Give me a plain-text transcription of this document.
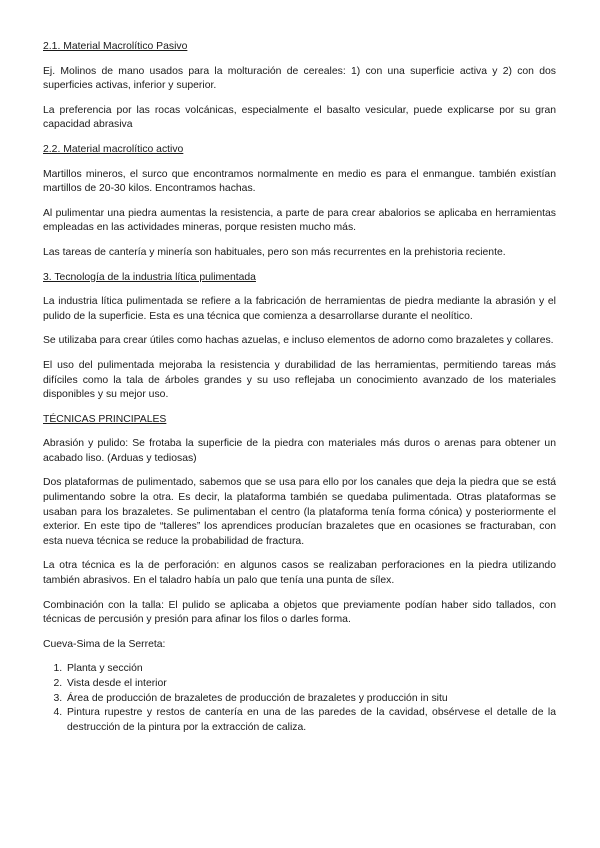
2.1. Material Macrolítico Pasivo

Ej. Molinos de mano usados para la molturación de cereales: 1) con una superficie activa y 2) con dos superficies activas, inferior y superior.

La preferencia por las rocas volcánicas, especialmente el basalto vesicular, puede explicarse por su gran capacidad abrasiva

2.2. Material macrolítico activo

Martillos mineros, el surco que encontramos normalmente en medio es para el enmangue. también existían martillos de 20-30 kilos. Encontramos hachas.

Al pulimentar una piedra aumentas la resistencia, a parte de para crear abalorios se aplicaba en herramientas empleadas en las actividades mineras, porque resisten mucho más.

Las tareas de cantería y minería son habituales, pero son más recurrentes en la prehistoria reciente.

3. Tecnología de la industria lítica pulimentada

La industria lítica pulimentada se refiere a la fabricación de herramientas de piedra mediante la abrasión y el pulido de la superficie. Esta es una técnica que comienza a desarrollarse durante el neolítico.

Se utilizaba para crear útiles como hachas azuelas, e incluso elementos de adorno como brazaletes y collares.

El uso del pulimentada mejoraba la resistencia y durabilidad de las herramientas, permitiendo tareas más difíciles como la tala de árboles grandes y su uso reflejaba un conocimiento avanzado de los materiales disponibles y su mejor uso.

TÉCNICAS PRINCIPALES

Abrasión y pulido: Se frotaba la superficie de la piedra con materiales más duros o arenas para obtener un acabado liso. (Arduas y tediosas)

Dos plataformas de pulimentado, sabemos que se usa para ello por los canales que deja la piedra que se está pulimentando sobre la otra. Es decir, la plataforma también se quedaba pulimentada. Otras plataformas se usaban para los brazaletes. Se pulimentaban el centro (la plataforma tenía forma cónica) y posteriormente el exterior. En este tipo de “talleres” los aprendices producían brazaletes que en ocasiones se fracturaban, con esta nueva técnica se reduce la probabilidad de fractura.

La otra técnica es la de perforación: en algunos casos se realizaban perforaciones en la piedra utilizando también abrasivos. En el taladro había un palo que tenía una punta de sílex.

Combinación con la talla: El pulido se aplicaba a objetos que previamente podían haber sido tallados, con técnicas de percusión y presión para afinar los filos o darles forma.

Cueva-Sima de la Serreta:

1. Planta y sección
2. Vista desde el interior
3. Área de producción de brazaletes de producción de brazaletes y producción in situ
4. Pintura rupestre y restos de cantería en una de las paredes de la cavidad, obsérvese el detalle de la destrucción de la pintura por la extracción de caliza.
